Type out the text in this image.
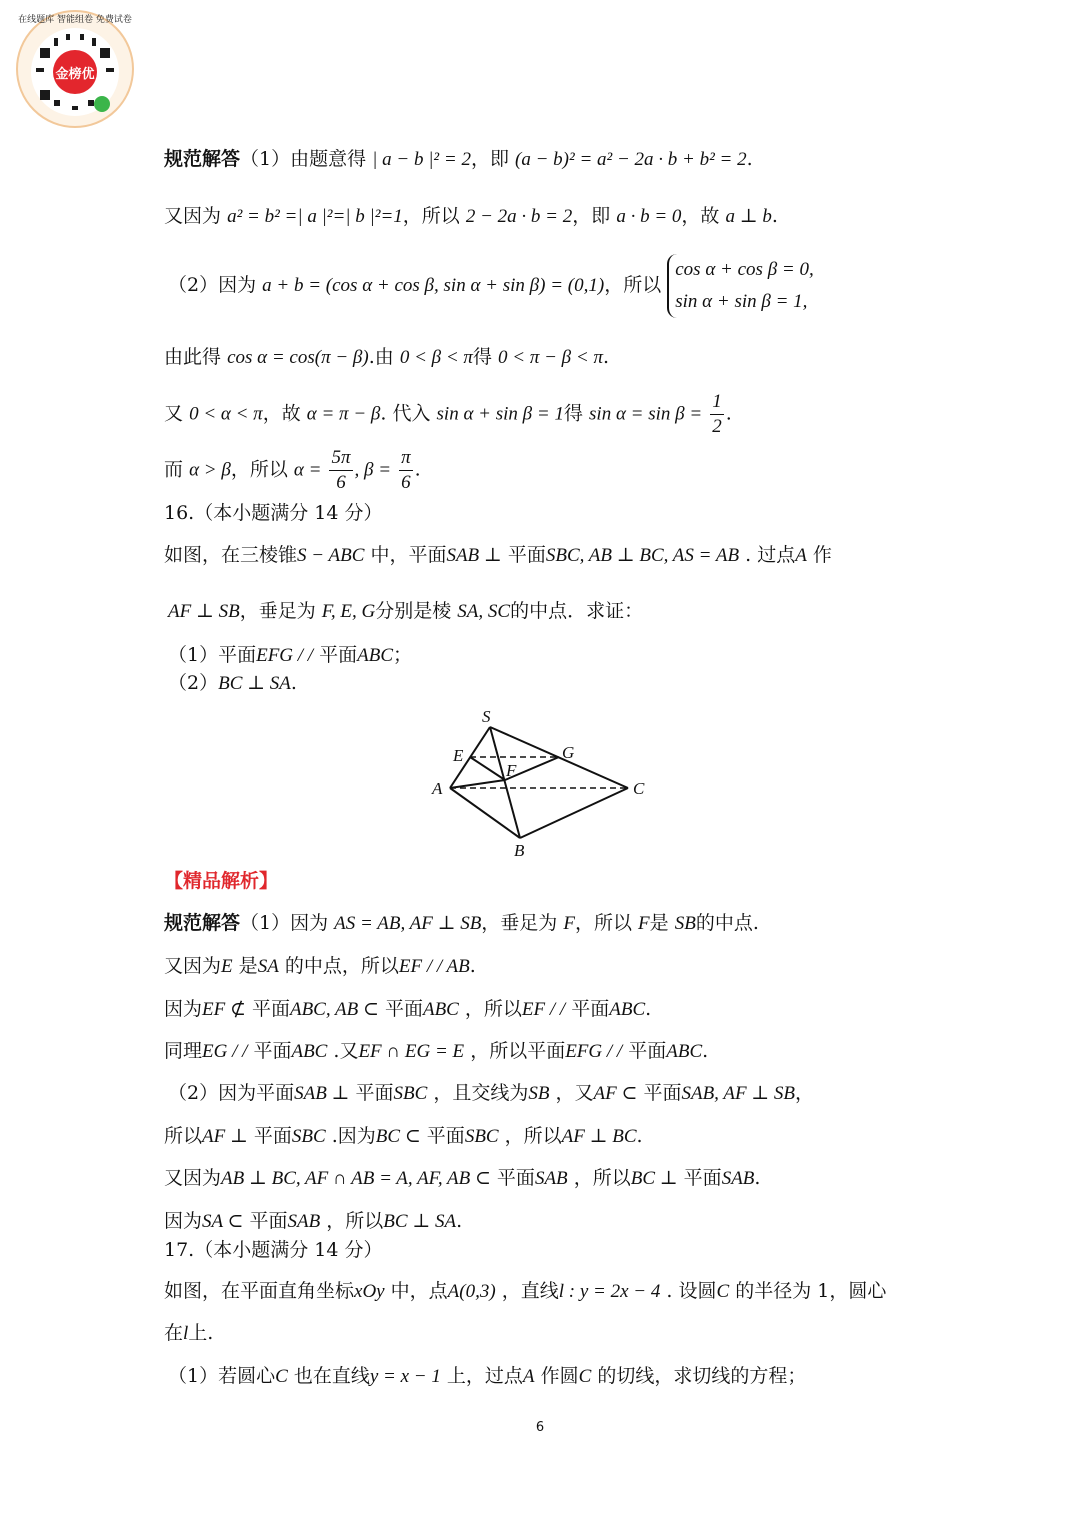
金榜优
在线题库 智能组卷 免费试卷
规范解答（1）由题意得 | a − b |² = 2，即 (a − b)² = a² − 2a · b + b² = 2.
又因为 a² = b² =| a |²=| b |²=1，所以 2 − 2a · b = 2，即 a · b = 0，故 a ⊥ b.
（2）因为 a + b = (cos α + cos β, sin α + sin β) = (0,1)，所以
cos α + cos β = 0,
sin α + sin β = 1,
由此得 cos α = cos(π − β).由 0 < β < π得 0 < π − β < π.
又 0 < α < π，故 α = π − β. 代入 sin α + sin β = 1得 $\sin \alpha = \sin \beta = \frac{1}{2}$ .
而 α > β，所以 $\alpha = \frac{5\pi}{6}$ , $\beta = \frac{\pi}{6}$ .
16.（本小题满分 14 分）
如图，在三棱锥S − ABC 中，平面SAB ⊥ 平面SBC, AB ⊥ BC, AS = AB . 过点A 作
AF ⊥ SB，垂足为 F, E, G分别是棱 SA, SC的中点．求证：
（1）平面EFG / / 平面ABC；
（2）BC ⊥ SA.
S
E	G
F
A	C
B
【精品解析】
规范解答（1）因为 AS = AB, AF ⊥ SB，垂足为 F，所以 F是 SB的中点.
又因为E 是SA 的中点，所以EF / / AB.
因为EF ⊄ 平面ABC, AB ⊂ 平面ABC ，所以EF / / 平面ABC.
同理EG / / 平面ABC .又EF ∩ EG = E ，所以平面EFG / / 平面ABC.
（2）因为平面SAB ⊥ 平面SBC ，且交线为SB ，又AF ⊂ 平面SAB, AF ⊥ SB，
所以AF ⊥ 平面SBC .因为BC ⊂ 平面SBC ，所以AF ⊥ BC.
又因为AB ⊥ BC, AF ∩ AB = A, AF, AB ⊂ 平面SAB ，所以BC ⊥ 平面SAB.
因为SA ⊂ 平面SAB ，所以BC ⊥ SA.
17.（本小题满分 14 分）
如图，在平面直角坐标xOy 中，点A(0,3) ，直线l : y = 2x − 4 . 设圆C 的半径为 1，圆心
在l上.
（1）若圆心C 也在直线y = x − 1 上，过点A 作圆C 的切线，求切线的方程；
6
